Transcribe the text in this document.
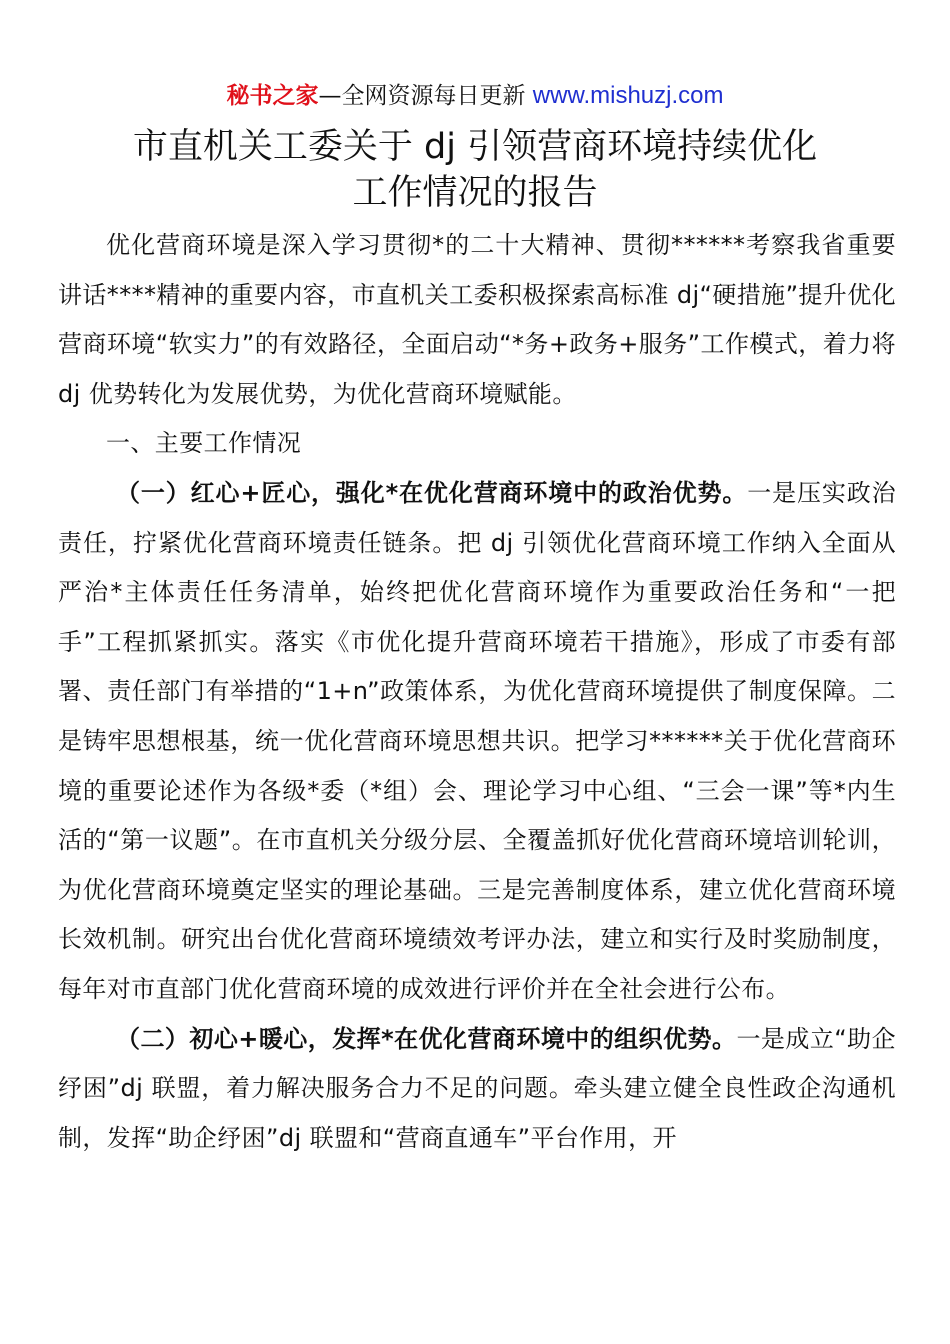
秘书之家—全网资源每日更新 www.mishuzj.com
市直机关工委关于 dj 引领营商环境持续优化
工作情况的报告

优化营商环境是深入学习贯彻*的二十大精神、贯彻******考察我省重要讲话****精神的重要内容，市直机关工委积极探索高标准 dj“硬措施”提升优化营商环境“软实力”的有效路径，全面启动“*务+政务+服务”工作模式，着力将 dj 优势转化为发展优势，为优化营商环境赋能。

一、主要工作情况

（一）红心+匠心，强化*在优化营商环境中的政治优势。一是压实政治责任，拧紧优化营商环境责任链条。把 dj 引领优化营商环境工作纳入全面从严治*主体责任任务清单，始终把优化营商环境作为重要政治任务和“一把手”工程抓紧抓实。落实《市优化提升营商环境若干措施》，形成了市委有部署、责任部门有举措的“1+n”政策体系，为优化营商环境提供了制度保障。二是铸牢思想根基，统一优化营商环境思想共识。把学习******关于优化营商环境的重要论述作为各级*委（*组）会、理论学习中心组、“三会一课”等*内生活的“第一议题”。在市直机关分级分层、全覆盖抓好优化营商环境培训轮训，为优化营商环境奠定坚实的理论基础。三是完善制度体系，建立优化营商环境长效机制。研究出台优化营商环境绩效考评办法，建立和实行及时奖励制度，每年对市直部门优化营商环境的成效进行评价并在全社会进行公布。

（二）初心+暖心，发挥*在优化营商环境中的组织优势。一是成立“助企纾困”dj 联盟，着力解决服务合力不足的问题。牵头建立健全良性政企沟通机制，发挥“助企纾困”dj 联盟和“营商直通车”平台作用，开
